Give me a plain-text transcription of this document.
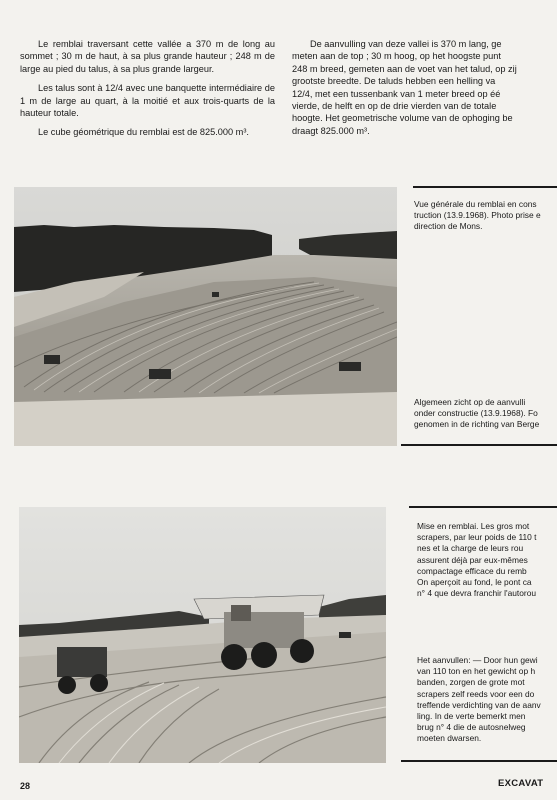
Le remblai traversant cette vallée a 370 m de long au sommet ; 30 m de haut, à sa plus grande hauteur ; 248 m de large au pied du talus, à sa plus grande largeur.

Les talus sont à 12/4 avec une banquette intermédiaire de 1 m de large au quart, à la moitié et aux trois-quarts de la hauteur totale.

Le cube géométrique du remblai est de 825.000 m³.

De aanvulling van deze vallei is 370 m lang, ge
meten aan de top ; 30 m hoog, op het hoogste punt
248 m breed, gemeten aan de voet van het talud, op zij
grootste breedte. De taluds hebben een helling va
12/4, met een tussenbank van 1 meter breed op éé
vierde, de helft en op de drie vierden van de totale
hoogte. Het geometrische volume van de ophoging be
draagt 825.000 m³.
Vue générale du remblai en cons
truction (13.9.1968). Photo prise e
direction de Mons.
Algemeen zicht op de aanvulli
onder constructie (13.9.1968). Fo
genomen in de richting van Berge
Mise en remblai. Les gros mot
scrapers, par leur poids de 110 t
nes et la charge de leurs rou
assurent déjà par eux-mêmes
compactage efficace du remb
On aperçoit au fond, le pont ca
n° 4 que devra franchir l'autorou
Het aanvullen: — Door hun gewi
van 110 ton en het gewicht op h
banden, zorgen de grote mot
scrapers zelf reeds voor een do
treffende verdichting van de aanv
ling. In de verte bemerkt men
brug n° 4 die de autosnelweg
moeten dwarsen.
28	EXCAVAT
